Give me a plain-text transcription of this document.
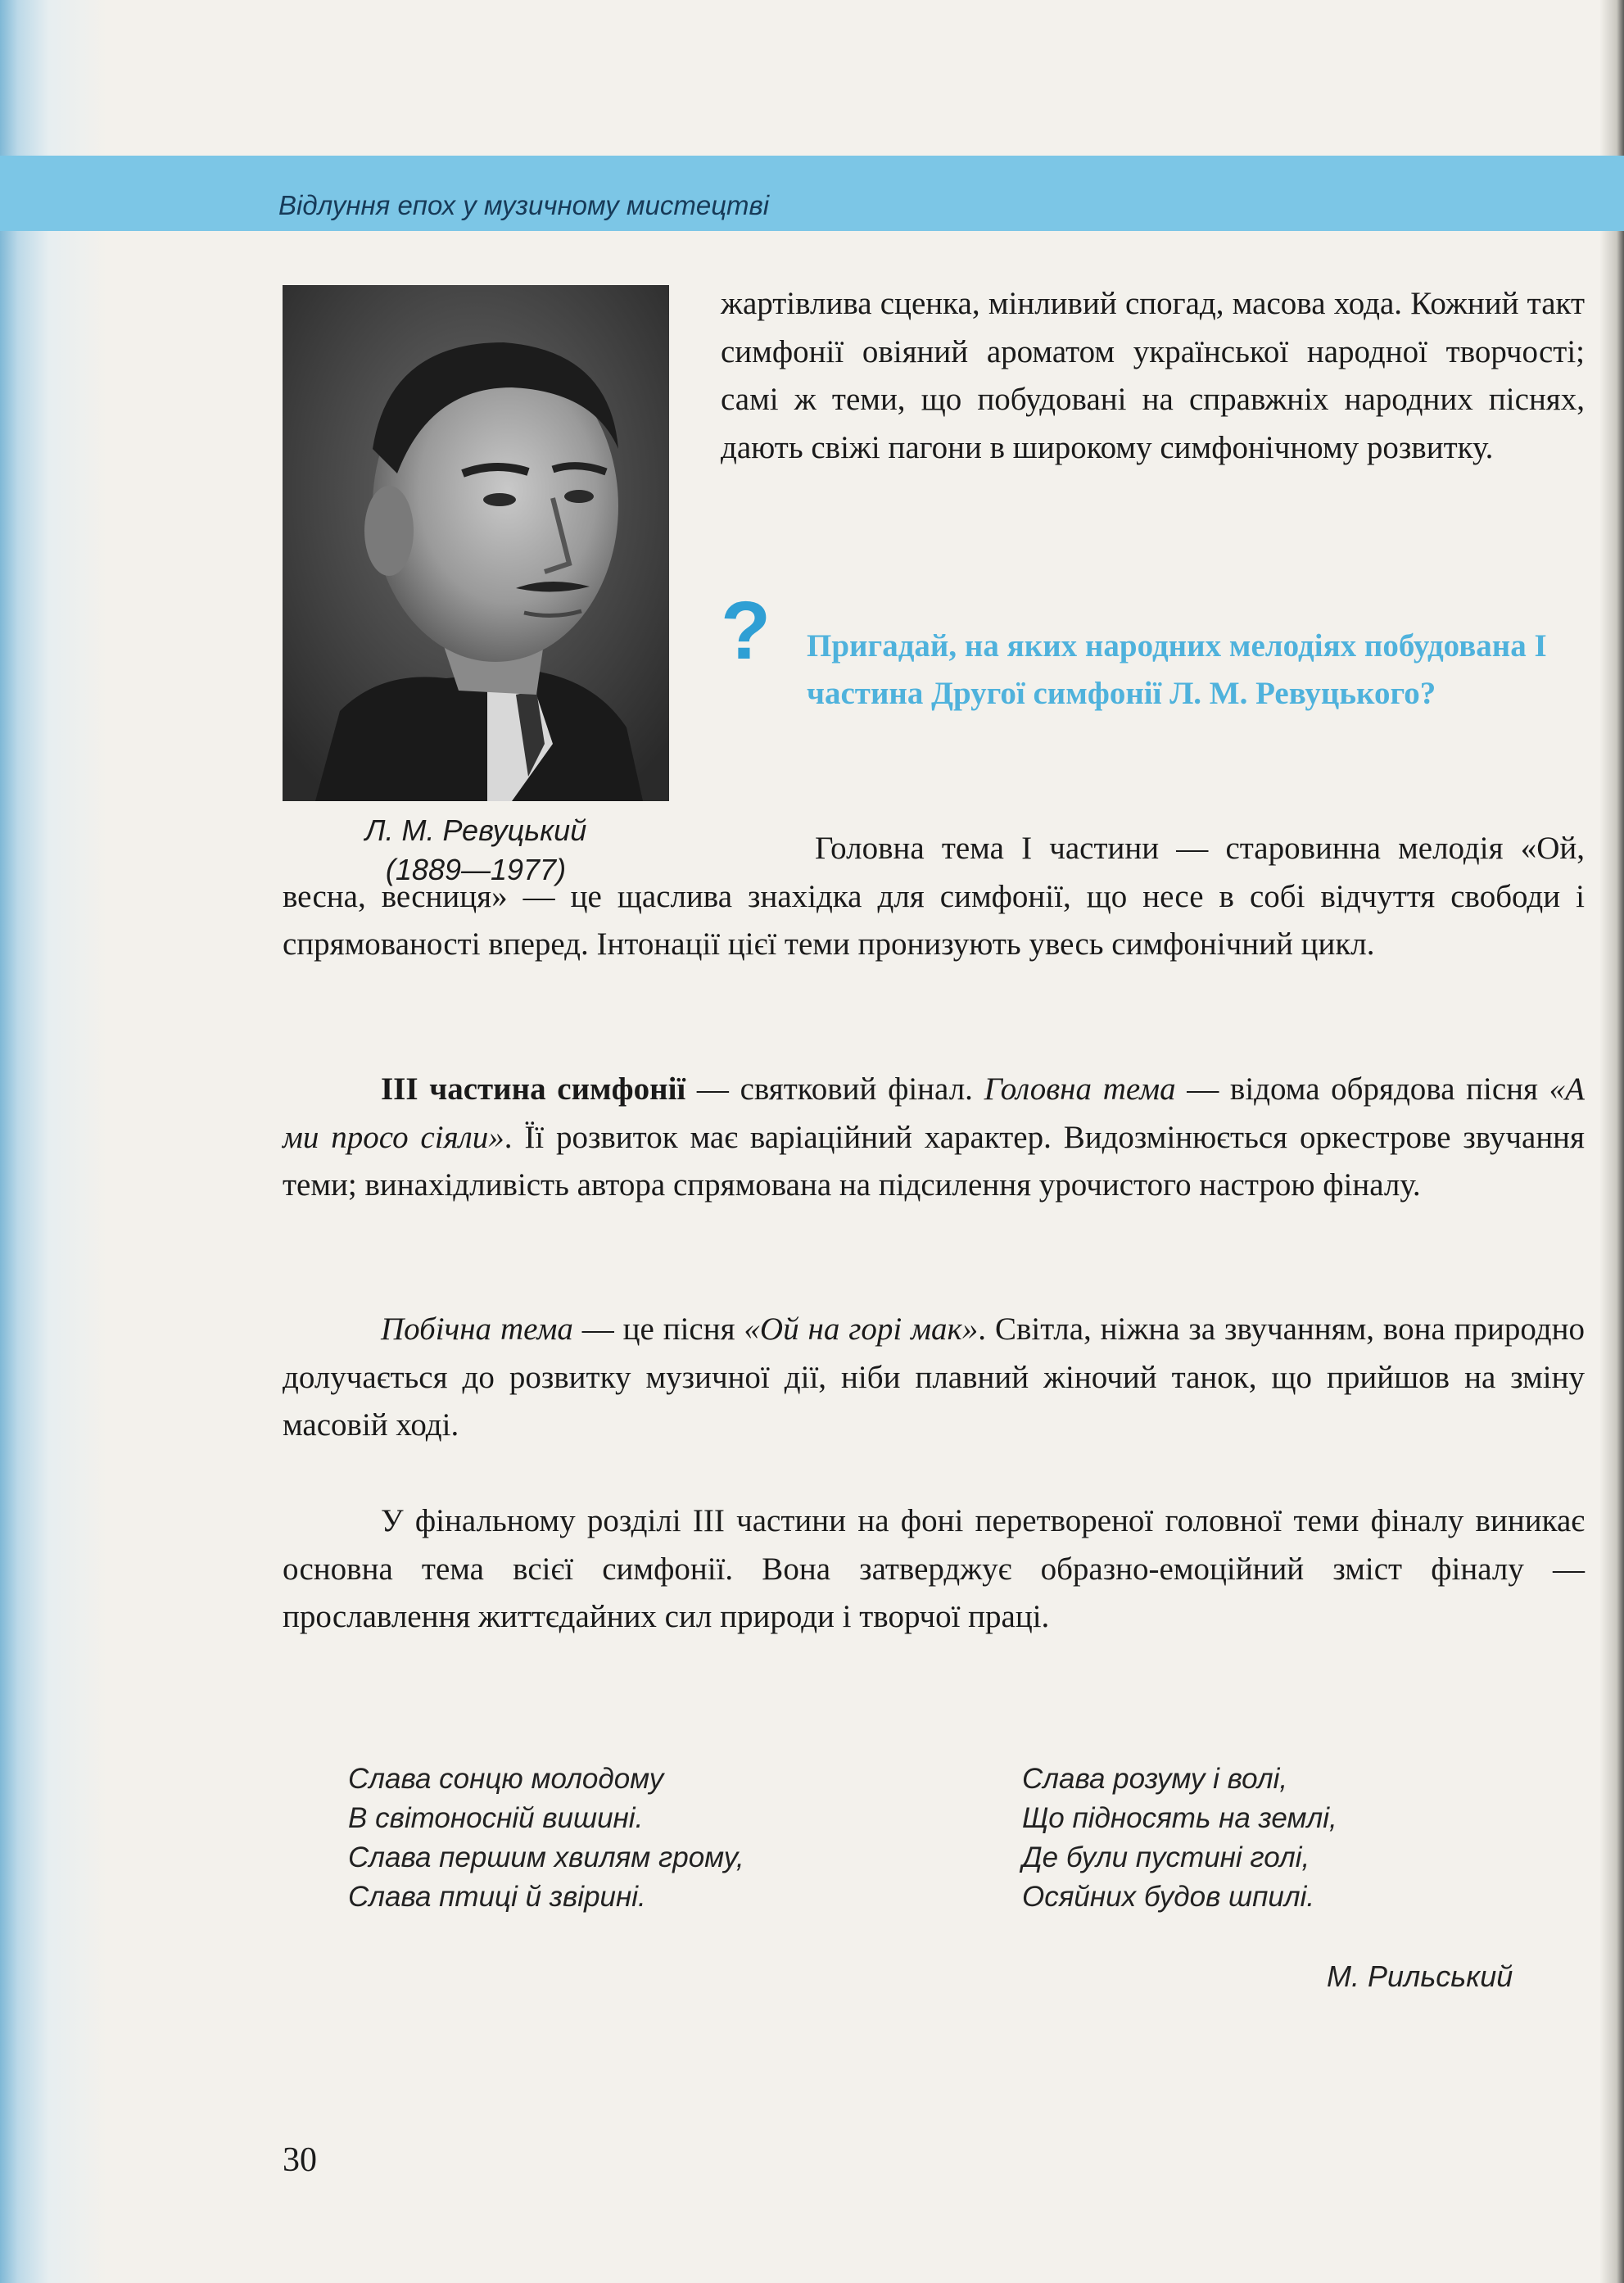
Відлуння епох у музичному мистецтві
Л. М. Ревуцький
(1889—1977)

жартівлива сценка, мінливий спогад, масова хода. Кожний такт симфонії овіяний ароматом української народної творчості; самі ж теми, що побудовані на справжніх народних піснях, дають свіжі пагони в широкому симфонічному розвитку.

? Пригадай, на яких народних мелодіях побудована І частина Другої симфонії Л. М. Ревуцького?

Головна тема I частини — старовинна мелодія «Ой, весна, весниця» — це щаслива знахідка для симфонії, що несе в собі відчуття свободи і спрямованості вперед. Інтонації цієї теми пронизують увесь симфонічний цикл.

III частина симфонії — святковий фінал. Головна тема — відома обрядова пісня «А ми просо сіяли». Її розвиток має варіаційний характер. Видозмінюється оркестрове звучання теми; винахідливість автора спрямована на підсилення урочистого настрою фіналу.

Побічна тема — це пісня «Ой на горі мак». Світла, ніжна за звучанням, вона природно долучається до розвитку музичної дії, ніби плавний жіночий танок, що прийшов на зміну масовій ході.

У фінальному розділі III частини на фоні перетвореної головної теми фіналу виникає основна тема всієї симфонії. Вона затверджує образно-емоційний зміст фіналу — прославлення життєдайних сил природи і творчої праці.

Слава сонцю молодому
В світоносній вишині.
Слава першим хвилям грому,
Слава птиці й звірині.
Слава розуму і волі,
Що підносять на землі,
Де були пустині голі,
Осяйних будов шпилі.
М. Рильський
30
